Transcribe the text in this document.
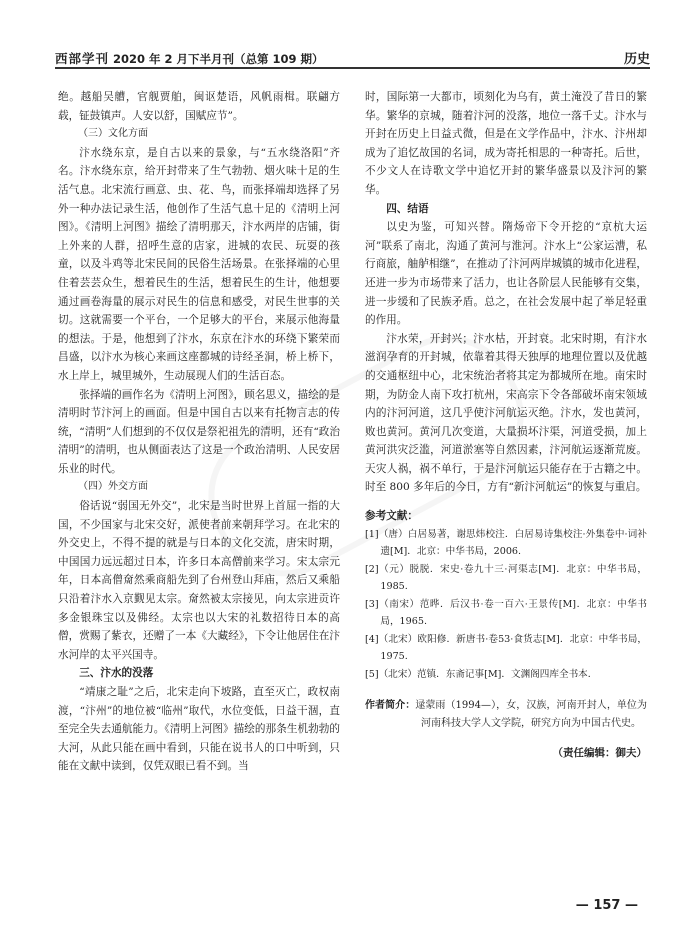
西部学刊 2020 年 2 月下半月刊（总第 109 期）	历史

绝。越船吴艚，官舰贾舶，闽讴楚语，风帆雨楫。联翩方载，钲鼓镇声。人安以舒，国赋应节”。

（三）文化方面

汴水绕东京，是自古以来的景象，与“五水绕洛阳”齐名。汴水绕东京，给开封带来了生气勃勃、烟火味十足的生活气息。北宋流行画意、虫、花、鸟，而张择端却选择了另外一种办法记录生活，他创作了生活气息十足的《清明上河图》。《清明上河图》描绘了清明那天，汴水两岸的店铺，街上外来的人群，招呼生意的店家，进城的农民、玩耍的孩童，以及斗鸡等北宋民间的民俗生活场景。在张择端的心里住着芸芸众生，想着民生的生活，想着民生的生计，他想要通过画卷海量的展示对民生的信息和感受，对民生世事的关切。这就需要一个平台，一个足够大的平台，来展示他海量的想法。于是，他想到了汴水，东京在汴水的环绕下繁荣而昌盛，以汴水为核心来画这座都城的诗经圣洞，桥上桥下，水上岸上，城里城外，生动展现人们的生活百态。

张择端的画作名为《清明上河图》，顾名思义，描绘的是清明时节汴河上的画面。但是中国自古以来有托物言志的传统，“清明”人们想到的不仅仅是祭祀祖先的清明，还有“政治清明”的清明，也从侧面表达了这是一个政治清明、人民安居乐业的时代。

（四）外交方面

俗话说“弱国无外交”，北宋是当时世界上首屈一指的大国，不少国家与北宋交好，派使者前来朝拜学习。在北宋的外交史上，不得不提的就是与日本的文化交流，唐宋时期，中国国力远远超过日本，许多日本高僧前来学习。宋太宗元年，日本高僧奝然乘商船先到了台州登山拜庙，然后又乘船只沿着汴水入京觐见太宗。奝然被太宗接见，向太宗进贡许多金银珠宝以及佛经。太宗也以大宋的礼数招待日本的高僧，赏赐了紫衣，还赠了一本《大藏经》，下令让他居住在汴水河岸的太平兴国寺。

三、汴水的没落

“靖康之耻”之后，北宋走向下坡路，直至灭亡，政权南渡，“汴州”的地位被“临州”取代，水位变低，日益干涸，直至完全失去通航能力。《清明上河图》描绘的那条生机勃勃的大河，从此只能在画中看到，只能在说书人的口中听到，只能在文献中读到，仅凭双眼已看不到。当

时，国际第一大都市，顷刻化为乌有，黄土淹没了昔日的繁华。繁华的京城，随着汴河的没落，地位一落千丈。汴水与开封在历史上日益式微，但是在文学作品中，汴水、汴州却成为了追忆故国的名词，成为寄托相思的一种寄托。后世，不少文人在诗歌文学中追忆开封的繁华盛景以及汴河的繁华。

四、结语

以史为鉴，可知兴替。隋炀帝下令开挖的“京杭大运河”联系了南北，沟通了黄河与淮河。汴水上“公家运漕，私行商旅，舳舻相继”，在推动了汴河两岸城镇的城市化进程，还进一步为市场带来了活力，也让各阶层人民能够有交集，进一步缓和了民族矛盾。总之，在社会发展中起了举足轻重的作用。

汴水荣，开封兴；汴水枯，开封衰。北宋时期，有汴水滋润孕育的开封城，依靠着其得天独厚的地理位置以及优越的交通枢纽中心，北宋统治者将其定为都城所在地。南宋时期，为防金人南下攻打杭州，宋高宗下令各部破坏南宋领域内的汴河河道，这几乎使汴河航运灭绝。汴水，发也黄河，败也黄河。黄河几次变道，大量损坏汴渠，河道受损，加上黄河洪灾泛滥，河道淤塞等自然因素，汴河航运逐渐荒废。天灾人祸，祸不单行，于是汴河航运只能存在于古籍之中。时至 800 多年后的今日，方有“新汴河航运”的恢复与重启。

参考文献：

[1]（唐）白居易著，谢思炜校注．白居易诗集校注·外集卷中·词补遗[M]．北京：中华书局，2006.

[2]（元）脱脱．宋史·卷九十三·河渠志[M]．北京：中华书局，1985.

[3]（南宋）范晔．后汉书·卷一百六·王景传[M]．北京：中华书局，1965.

[4]（北宋）欧阳修．新唐书·卷53·食货志[M]．北京：中华书局，1975.

[5]（北宋）范镇．东斋记事[M]．文渊阁四库全书本．

作者简介：逯蒙雨（1994—），女，汉族，河南开封人，单位为河南科技大学人文学院，研究方向为中国古代史。

（责任编辑：御夫）

— 157 —
